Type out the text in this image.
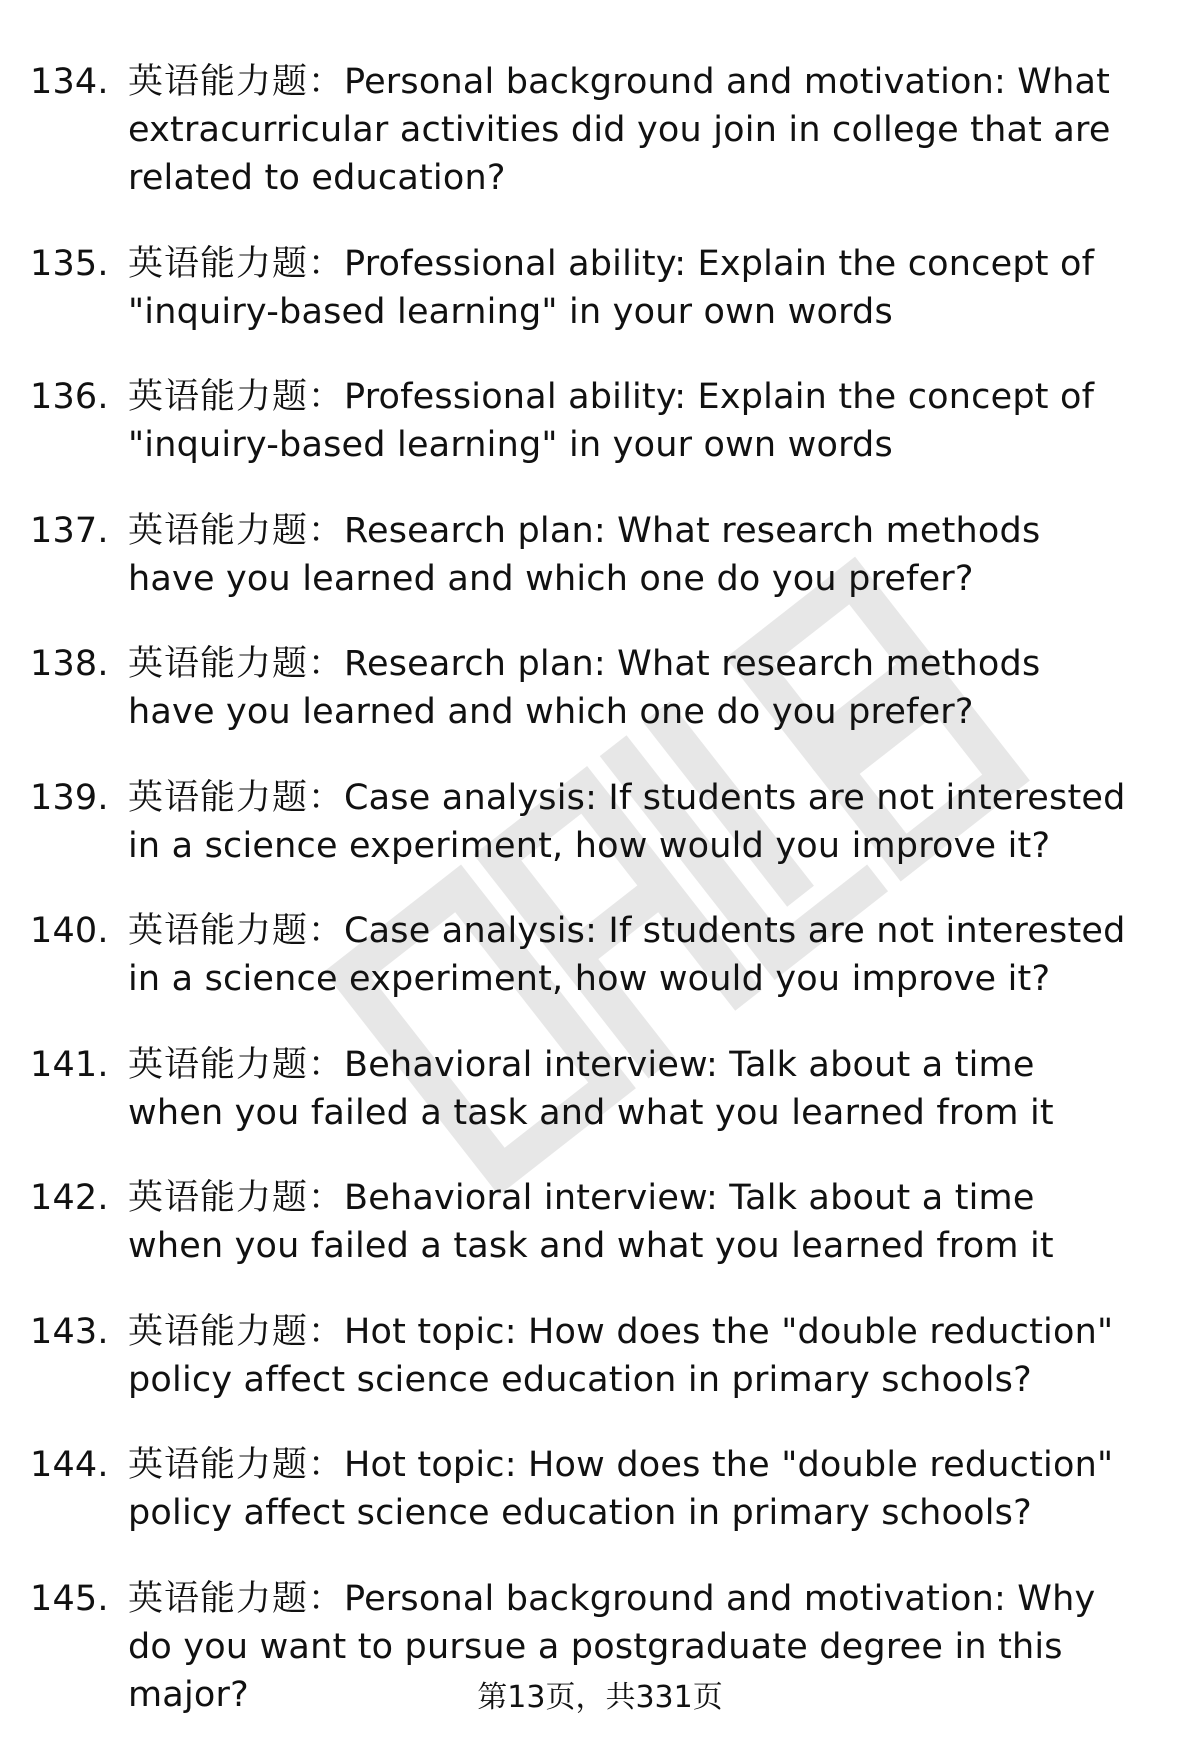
134. 英语能力题：Personal background and motivation: What extracurricular activities did you join in college that are related to education?
135. 英语能力题：Professional ability: Explain the concept of "inquiry-based learning" in your own words
136. 英语能力题：Professional ability: Explain the concept of "inquiry-based learning" in your own words
137. 英语能力题：Research plan: What research methods have you learned and which one do you prefer?
138. 英语能力题：Research plan: What research methods have you learned and which one do you prefer?
139. 英语能力题：Case analysis: If students are not interested in a science experiment, how would you improve it?
140. 英语能力题：Case analysis: If students are not interested in a science experiment, how would you improve it?
141. 英语能力题：Behavioral interview: Talk about a time when you failed a task and what you learned from it
142. 英语能力题：Behavioral interview: Talk about a time when you failed a task and what you learned from it
143. 英语能力题：Hot topic: How does the "double reduction" policy affect science education in primary schools?
144. 英语能力题：Hot topic: How does the "double reduction" policy affect science education in primary schools?
145. 英语能力题：Personal background and motivation: Why do you want to pursue a postgraduate degree in this major?	第13页，共331页
